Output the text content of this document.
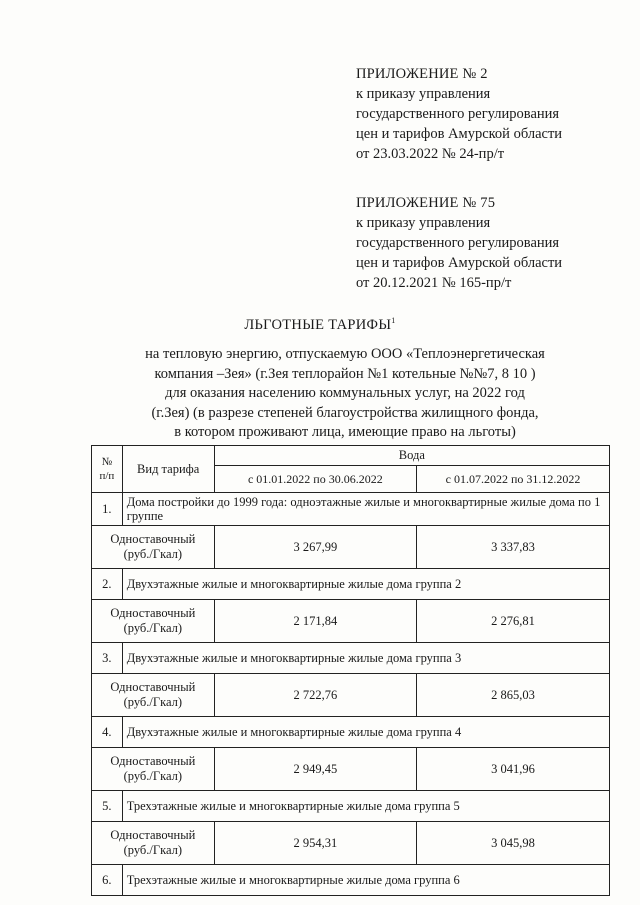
ПРИЛОЖЕНИЕ № 2
к приказу управления
государственного регулирования
цен и тарифов Амурской области
от 23.03.2022 № 24-пр/т
ПРИЛОЖЕНИЕ № 75
к приказу управления
государственного регулирования
цен и тарифов Амурской области
от 20.12.2021 № 165-пр/т
ЛЬГОТНЫЕ ТАРИФЫ$^1$
на тепловую энергию, отпускаемую ООО «Теплоэнергетическая
компания –Зея» (г.Зея теплорайон №1 котельные №№7, 8 10 )
для оказания населению коммунальных услуг, на 2022 год
(г.Зея) (в разрезе степеней благоустройства жилищного фонда,
в котором проживают лица, имеющие право на льготы)
№
п/п	Вид тарифа	Вода	
		с 01.01.2022 по 30.06.2022	с 01.07.2022 по 31.12.2022
1.	Дома постройки до 1999 года: одноэтажные жилые и многоквартирные жилые дома по 1 группе		
Одноставочный
(руб./Гкал)		3 267,99	3 337,83
2.	Двухэтажные жилые и многоквартирные жилые дома группа 2		
Одноставочный
(руб./Гкал)		2 171,84	2 276,81
3.	Двухэтажные жилые и многоквартирные жилые дома группа 3		
Одноставочный
(руб./Гкал)		2 722,76	2 865,03
4.	Двухэтажные жилые и многоквартирные жилые дома группа 4		
Одноставочный
(руб./Гкал)		2 949,45	3 041,96
5.	Трехэтажные жилые и многоквартирные жилые дома группа 5		
Одноставочный
(руб./Гкал)		2 954,31	3 045,98
6.	Трехэтажные жилые и многоквартирные жилые дома группа 6		
